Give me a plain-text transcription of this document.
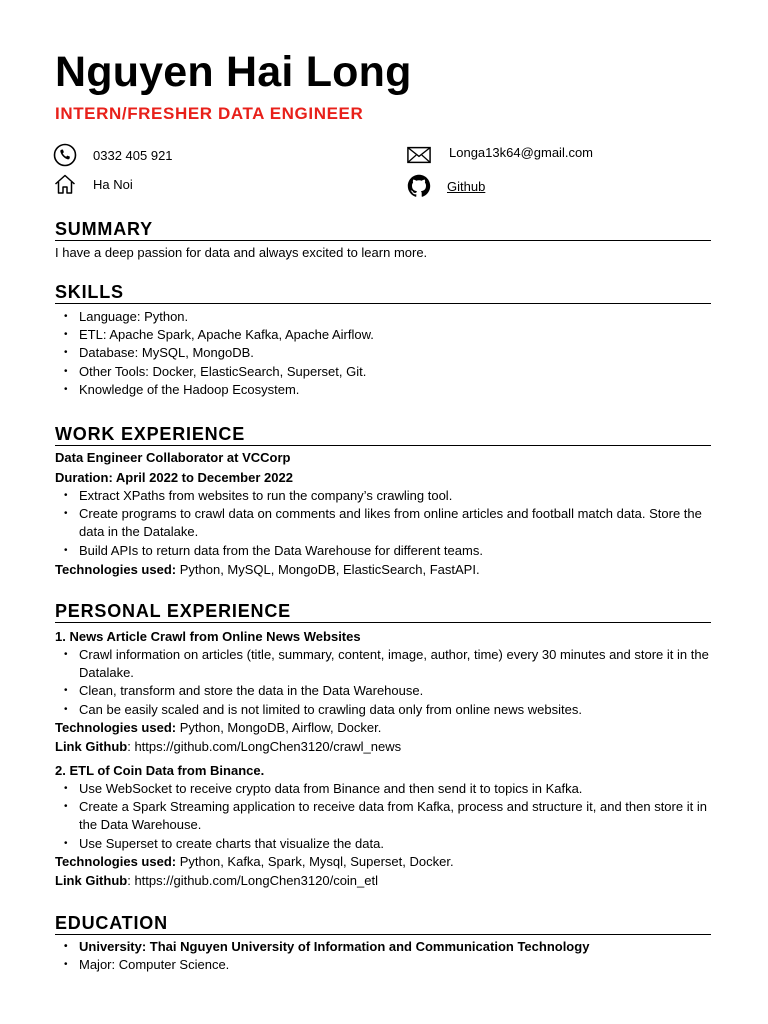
Nguyen Hai Long
INTERN/FRESHER DATA ENGINEER
0332 405 921
Ha Noi
Longa13k64@gmail.com
Github
SUMMARY
I have a deep passion for data and always excited to learn more.
SKILLS
• Language: Python.
• ETL: Apache Spark, Apache Kafka, Apache Airflow.
• Database: MySQL, MongoDB.
• Other Tools: Docker, ElasticSearch, Superset, Git.
• Knowledge of the Hadoop Ecosystem.
WORK EXPERIENCE
Data Engineer Collaborator at VCCorp
Duration: April 2022 to December 2022
• Extract XPaths from websites to run the company’s crawling tool.
• Create programs to crawl data on comments and likes from online articles and football match data. Store the data in the Datalake.
• Build APIs to return data from the Data Warehouse for different teams.
Technologies used: Python, MySQL, MongoDB, ElasticSearch, FastAPI.
PERSONAL EXPERIENCE
1. News Article Crawl from Online News Websites
• Crawl information on articles (title, summary, content, image, author, time) every 30 minutes and store it in the Datalake.
• Clean, transform and store the data in the Data Warehouse.
• Can be easily scaled and is not limited to crawling data only from online news websites.
Technologies used: Python, MongoDB, Airflow, Docker.
Link Github: https://github.com/LongChen3120/crawl_news
2. ETL of Coin Data from Binance.
• Use WebSocket to receive crypto data from Binance and then send it to topics in Kafka.
• Create a Spark Streaming application to receive data from Kafka, process and structure it, and then store it in the Data Warehouse.
• Use Superset to create charts that visualize the data.
Technologies used: Python, Kafka, Spark, Mysql, Superset, Docker.
Link Github: https://github.com/LongChen3120/coin_etl
EDUCATION
• University: Thai Nguyen University of Information and Communication Technology
• Major: Computer Science.
